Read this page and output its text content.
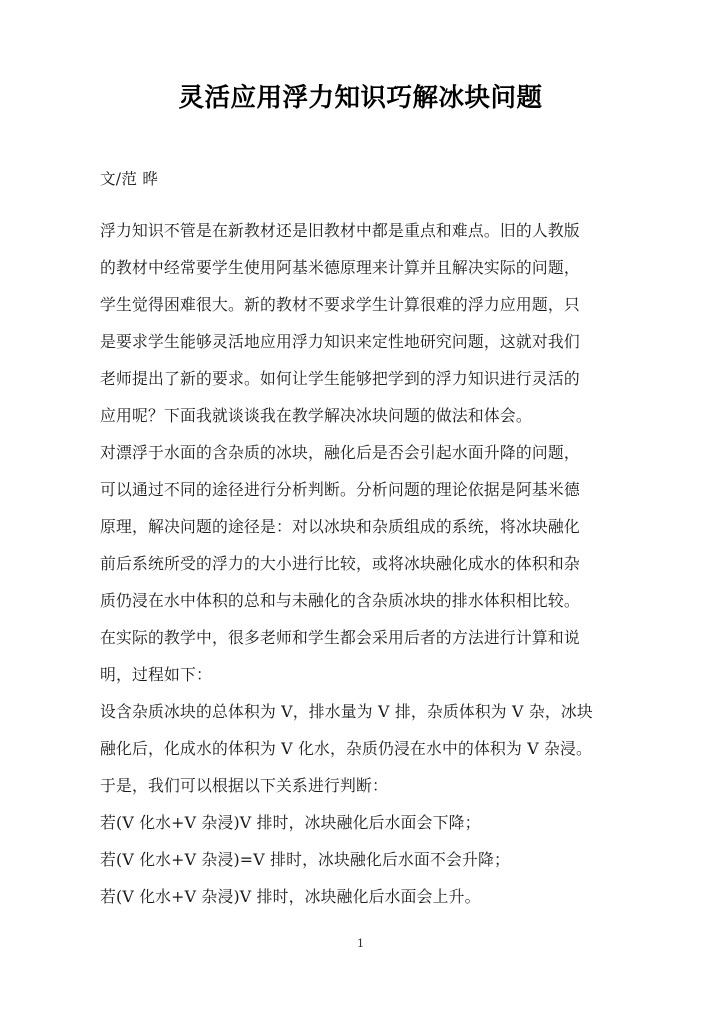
灵活应用浮力知识巧解冰块问题

文/范 晔

浮力知识不管是在新教材还是旧教材中都是重点和难点。旧的人教版

的教材中经常要学生使用阿基米德原理来计算并且解决实际的问题，

学生觉得困难很大。新的教材不要求学生计算很难的浮力应用题，只

是要求学生能够灵活地应用浮力知识来定性地研究问题，这就对我们

老师提出了新的要求。如何让学生能够把学到的浮力知识进行灵活的

应用呢？下面我就谈谈我在教学解决冰块问题的做法和体会。

对漂浮于水面的含杂质的冰块，融化后是否会引起水面升降的问题，

可以通过不同的途径进行分析判断。分析问题的理论依据是阿基米德

原理，解决问题的途径是：对以冰块和杂质组成的系统，将冰块融化

前后系统所受的浮力的大小进行比较，或将冰块融化成水的体积和杂

质仍浸在水中体积的总和与未融化的含杂质冰块的排水体积相比较。

在实际的教学中，很多老师和学生都会采用后者的方法进行计算和说

明，过程如下：

设含杂质冰块的总体积为 V，排水量为 V 排，杂质体积为 V 杂，冰块

融化后，化成水的体积为 V 化水，杂质仍浸在水中的体积为 V 杂浸。

于是，我们可以根据以下关系进行判断：

若(V 化水+V 杂浸)V 排时，冰块融化后水面会下降；

若(V 化水+V 杂浸)=V 排时，冰块融化后水面不会升降；

若(V 化水+V 杂浸)V 排时，冰块融化后水面会上升。

1
